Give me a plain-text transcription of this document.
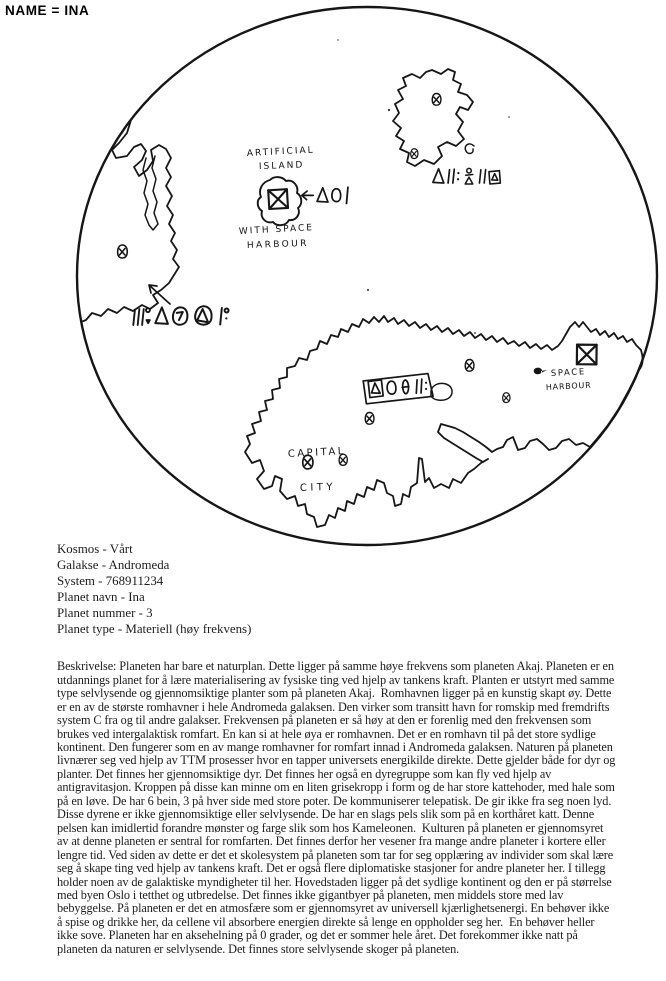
NAME = INA
ARTIFICIAL
ISLAND
WITH SPACE
HARBOUR
CAPITAL
CITY
SPACE
HARBOUR
Kosmos - Vårt
Galakse - Andromeda
System - 768911234
Planet navn - Ina
Planet nummer - 3
Planet type - Materiell (høy frekvens)

Beskrivelse: Planeten har bare et naturplan. Dette ligger på samme høye frekvens som planeten Akaj. Planeten er en utdannings planet for å lære materialisering av fysiske ting ved hjelp av tankens kraft. Planten er utstyrt med samme type selvlysende og gjennomsiktige planter som på planeten Akaj.  Romhavnen ligger på en kunstig skapt øy. Dette er en av de største romhavner i hele Andromeda galaksen. Den virker som transitt havn for romskip med fremdrifts system C fra og til andre galakser. Frekvensen på planeten er så høy at den er forenlig med den frekvensen som brukes ved intergalaktisk romfart. En kan si at hele øya er romhavnen. Det er en romhavn til på det store sydlige kontinent. Den fungerer som en av mange romhavner for romfart innad i Andromeda galaksen. Naturen på planeten livnærer seg ved hjelp av TTM prosesser hvor en tapper universets energikilde direkte. Dette gjelder både for dyr og planter. Det finnes her gjennomsiktige dyr. Det finnes her også en dyregruppe som kan fly ved hjelp av antigravitasjon. Kroppen på disse kan minne om en liten grisekropp i form og de har store kattehoder, med hale som på en løve. De har 6 bein, 3 på hver side med store poter. De kommuniserer telepatisk. De gir ikke fra seg noen lyd. Disse dyrene er ikke gjennomsiktige eller selvlysende. De har en slags pels slik som på en korthåret katt. Denne pelsen kan imidlertid forandre mønster og farge slik som hos Kameleonen.  Kulturen på planeten er gjennomsyret av at denne planeten er sentral for romfarten. Det finnes derfor her vesener fra mange andre planeter i kortere eller lengre tid. Ved siden av dette er det et skolesystem på planeten som tar for seg opplæring av individer som skal lære seg å skape ting ved hjelp av tankens kraft. Det er også flere diplomatiske stasjoner for andre planeter her. I tillegg holder noen av de galaktiske myndigheter til her. Hovedstaden ligger på det sydlige kontinent og den er på størrelse med byen Oslo i tetthet og utbredelse. Det finnes ikke gigantbyer på planeten, men middels store med lav bebyggelse. På planeten er det en atmosfære som er gjennomsyret av universell kjærlighetsenergi. En behøver ikke å spise og drikke her, da cellene vil absorbere energien direkte så lenge en oppholder seg her.  En behøver heller ikke sove. Planeten har en aksehelning på 0 grader, og det er sommer hele året. Det forekommer ikke natt på planeten da naturen er selvlysende. Det finnes store selvlysende skoger på planeten.
